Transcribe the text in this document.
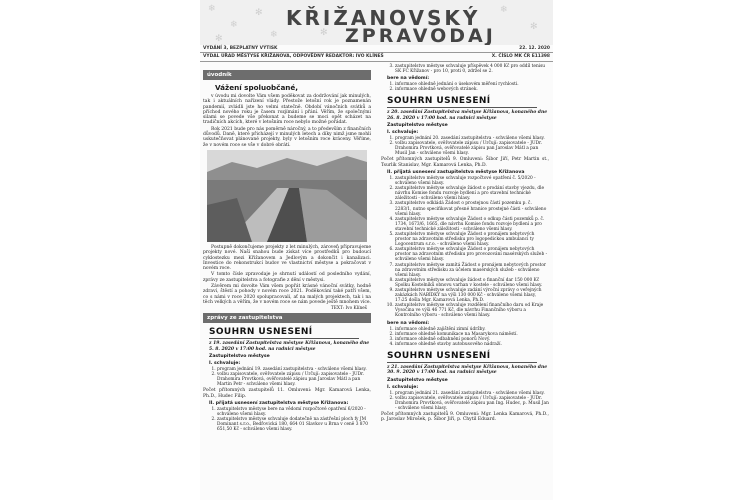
❄
❄
✻
❄	✻
❄
✻
✻
KŘIŽANOVSKÝ
ZPRAVODAJ
VYDÁNÍ 3, BEZPLATNÝ VÝTISK	22. 12. 2020
VYDAL ÚŘAD MĚSTYSE KŘIŽANOVA, ODPOVĚDNÝ REDAKTOR: IVO KLÍNEŠ	X. ČÍSLO MK ČR E11398
úvodník
Vážení spoluobčané,

v úvodu mi dovolte Vám všem poděkovat za dodržování jak minulých, tak i aktuálních nařízení vlády. Přestože letošní rok je poznamenán pandemií, zvládli jste ho velmi statečně. Období vánočních svátků a příchod nového roku je časem rozjímání i přání. Věřím, že společnými silami se povede vše překonat a budeme se moci opět scházet na tradičních akcích, které v letošním roce nebylo možné pořádat.

Rok 2021 bude pro nás poměrně náročný, a to především z finančních důvodů. Daně, které přicházejí v minulých letech a díky nimž jsme mohli uskutečňovat plánované projekty, byly v letošním roce kráceny. Věříme, že v novém roce se vše v dobré obrátí.

Postupně dokončujeme projekty z let minulých, zároveň připravujeme projekty nové. Naší snahou bude získat více prostředků pro budoucí cyklostezku mezi Křižanovem a Jedlovým a dokončit i kanalizaci. Investice do rekonstrukcí budov ve vlastnictví městyse a pokračovat v novém roce.

V tomto čísle zpravodaje je shrnutí událostí od posledního vydání, zprávy ze zastupitelstva a fotografie z dění v městysi.

Závěrem mi dovolte Vám všem popřát krásné vánoční svátky, hodně zdraví, štěstí a pohody v novém roce 2021. Poděkování také patří všem, co s námi v roce 2020 spolupracovali, ať na malých projektech, tak i na těch velkých a věřím, že v novém roce se nám povede ještě mnohem více.

TEXT: Ivo Klíneš
zprávy ze zastupitelstva
SOUHRN USNESENÍ
z 19. zasedání Zastupitelstva městyse Křižanova, konaného dne 5. 8. 2020 v 17:00 hod. na radnici městyse
Zastupitelstvo městyse
I. schvaluje:
1. program jednání 19. zasedání zastupitelstva - schváleno všemi hlasy.
2. volbu zapisovatele, ověřovatele zápisu / Určují: zapisovatele - JUDr. Drahomíra Provtková, ověřovatelé zápisu pan Jaroslav Mátl a pan Martin Petr - schváleno všemi hlasy.

Počet přítomných zastupitelů 11. Omluveni: Mgr. Kamarová Lenka, Ph.D., Hudec Filip.

II. přijatá usnesení zastupitelstva městyse Křižanova:
1. zastupitelstvo městyse bere na vědomí rozpočtové opatření 6/2020 - schváleno všemi hlasy.
2. zastupitelstvo městyse schvaluje dodatečně na zástřešní ploch fy JM Dominant s.r.o., Bedřovická 180, 664 01 Slavkov u Brna v ceně 3 870 651,50 Kč - schváleno všemi hlasy.
3. zastupitelstvo městyse schvaluje příspěvek 4 000 Kč pro oddíl tenisu SK FC Křižanov - pro 10, proti 0, zdržel se 2.
bere na vědomí:
1. informace ohledně jednání o úsekovém měření rychlosti.
2. informace ohledně webových stránek.
SOUHRN USNESENÍ
z 20. zasedání Zastupitelstva městyse Křižanova, konaného dne 26. 8. 2020 v 17:00 hod. na radnici městyse
Zastupitelstvo městyse
I. schvaluje:
1. program jednání 20. zasedání zastupitelstva - schváleno všemi hlasy.
2. volbu zapisovatele, ověřovatele zápisu / Určují: zapisovatele - JUDr. Drahomíra Provtková, ověřovatelé zápisu pan Jaroslav Mátl a pan Musil Jan - schváleno všemi hlasy.

Počet přítomných zastupitelů 9. Omluveni: Šibor Jiří, Petr Martin st., Tsurlik Stanislav, Mgr. Kamarová Lenka, Ph.D.

II. přijatá usnesení zastupitelstva městyse Křižanova
1. zastupitelstvo městyse schvaluje rozpočtové opatření č. 5/2020 - schváleno všemi hlasy.
2. zastupitelstvo městyse schvaluje žádost o prodání stavby vjezdu, dle návrhu Komise fondu rozvoje bydlení a pro stavební technické záležitosti - schváleno všemi hlasy.
3. zastupitelstvo odkládá Žádost o prostejnou částí pozemku p. č. 2283/1, nutno specifikovat přesné hranice prostejné části - schváleno všemi hlasy.
4. zastupitelstvo městyse schvaluje Žádost o odkup části pozemků p. č. 1734, 1673/6, 1665, dle návrhu Komise fondu rozvoje bydlení a pro stavební technické záležitosti - schváleno všemi hlasy.
5. zastupitelstvo městyse schvaluje Žádost o pronájem nebytových prostor na zdravotním středisku pro logopedickou ambulanci ty Logocentrum s.r.o. - schváleno všemi hlasy.
6. zastupitelstvo městyse schvaluje Žádost o pronájem nebytových prostor na zdravotním středisku pro provozování masérských služeb - schváleno všemi hlasy.
7. zastupitelstvo městyse zamítá Žádost o pronájem nebytových prostor na zdravotním středisku za účelem masérských služeb - schváleno všemi hlasy.
8. zastupitelstvo městyse schvaluje žádost o finanční dar 150 000 Kč Spolku Kostelníků obnovu varhan v kostele - schváleno všemi hlasy.
9. zastupitelstvo městyse schvaluje zadání výroční zprávy o veřejných zakázkách NABÍDKY na výši 130 000 Kč - schváleno všemi hlasy, 17:25 došla Mgr. Kamarová Lenka, Ph.D.
10. zastupitelstvo městyse schvaluje rozdělení finančního daru od Kraje Vysočina ve výši 46 771 Kč, dle návrhu Finančního výboru a Kontrolního výboru - schváleno všemi hlasy.
bere na vědomí:
1. informace ohledně zajištění zimní údržby.
2. informace ohledně komunikace na Masarykova náměstí.
3. informace ohledně odbahnění ponorů Nový.
4. informace ohledně stavby autobusového nádraží.
SOUHRN USNESENÍ
z 21. zasedání Zastupitelstva městyse Křižanova, konaného dne 30. 9. 2020 v 17:00 hod. na radnici městyse
Zastupitelstvo městyse
I. schvaluje:
1. program jednání 21. zasedání zastupitelstva - schváleno všemi hlasy.
2. volbu zapisovatele, ověřovatele zápisu / Určují: zapisovatele - JUDr. Drahomíra Provtková, ověřovatelé zápisu pan Ing. Hudec, p. Musil Jan - schváleno všemi hlasy.

Počet přítomných zastupitelů 9. Omluveni: Mgr. Lenka Kamarová, Ph.D., p. Jaroslav Mirošek, p. Šibor Jiří, p. Chytil Eduard.
